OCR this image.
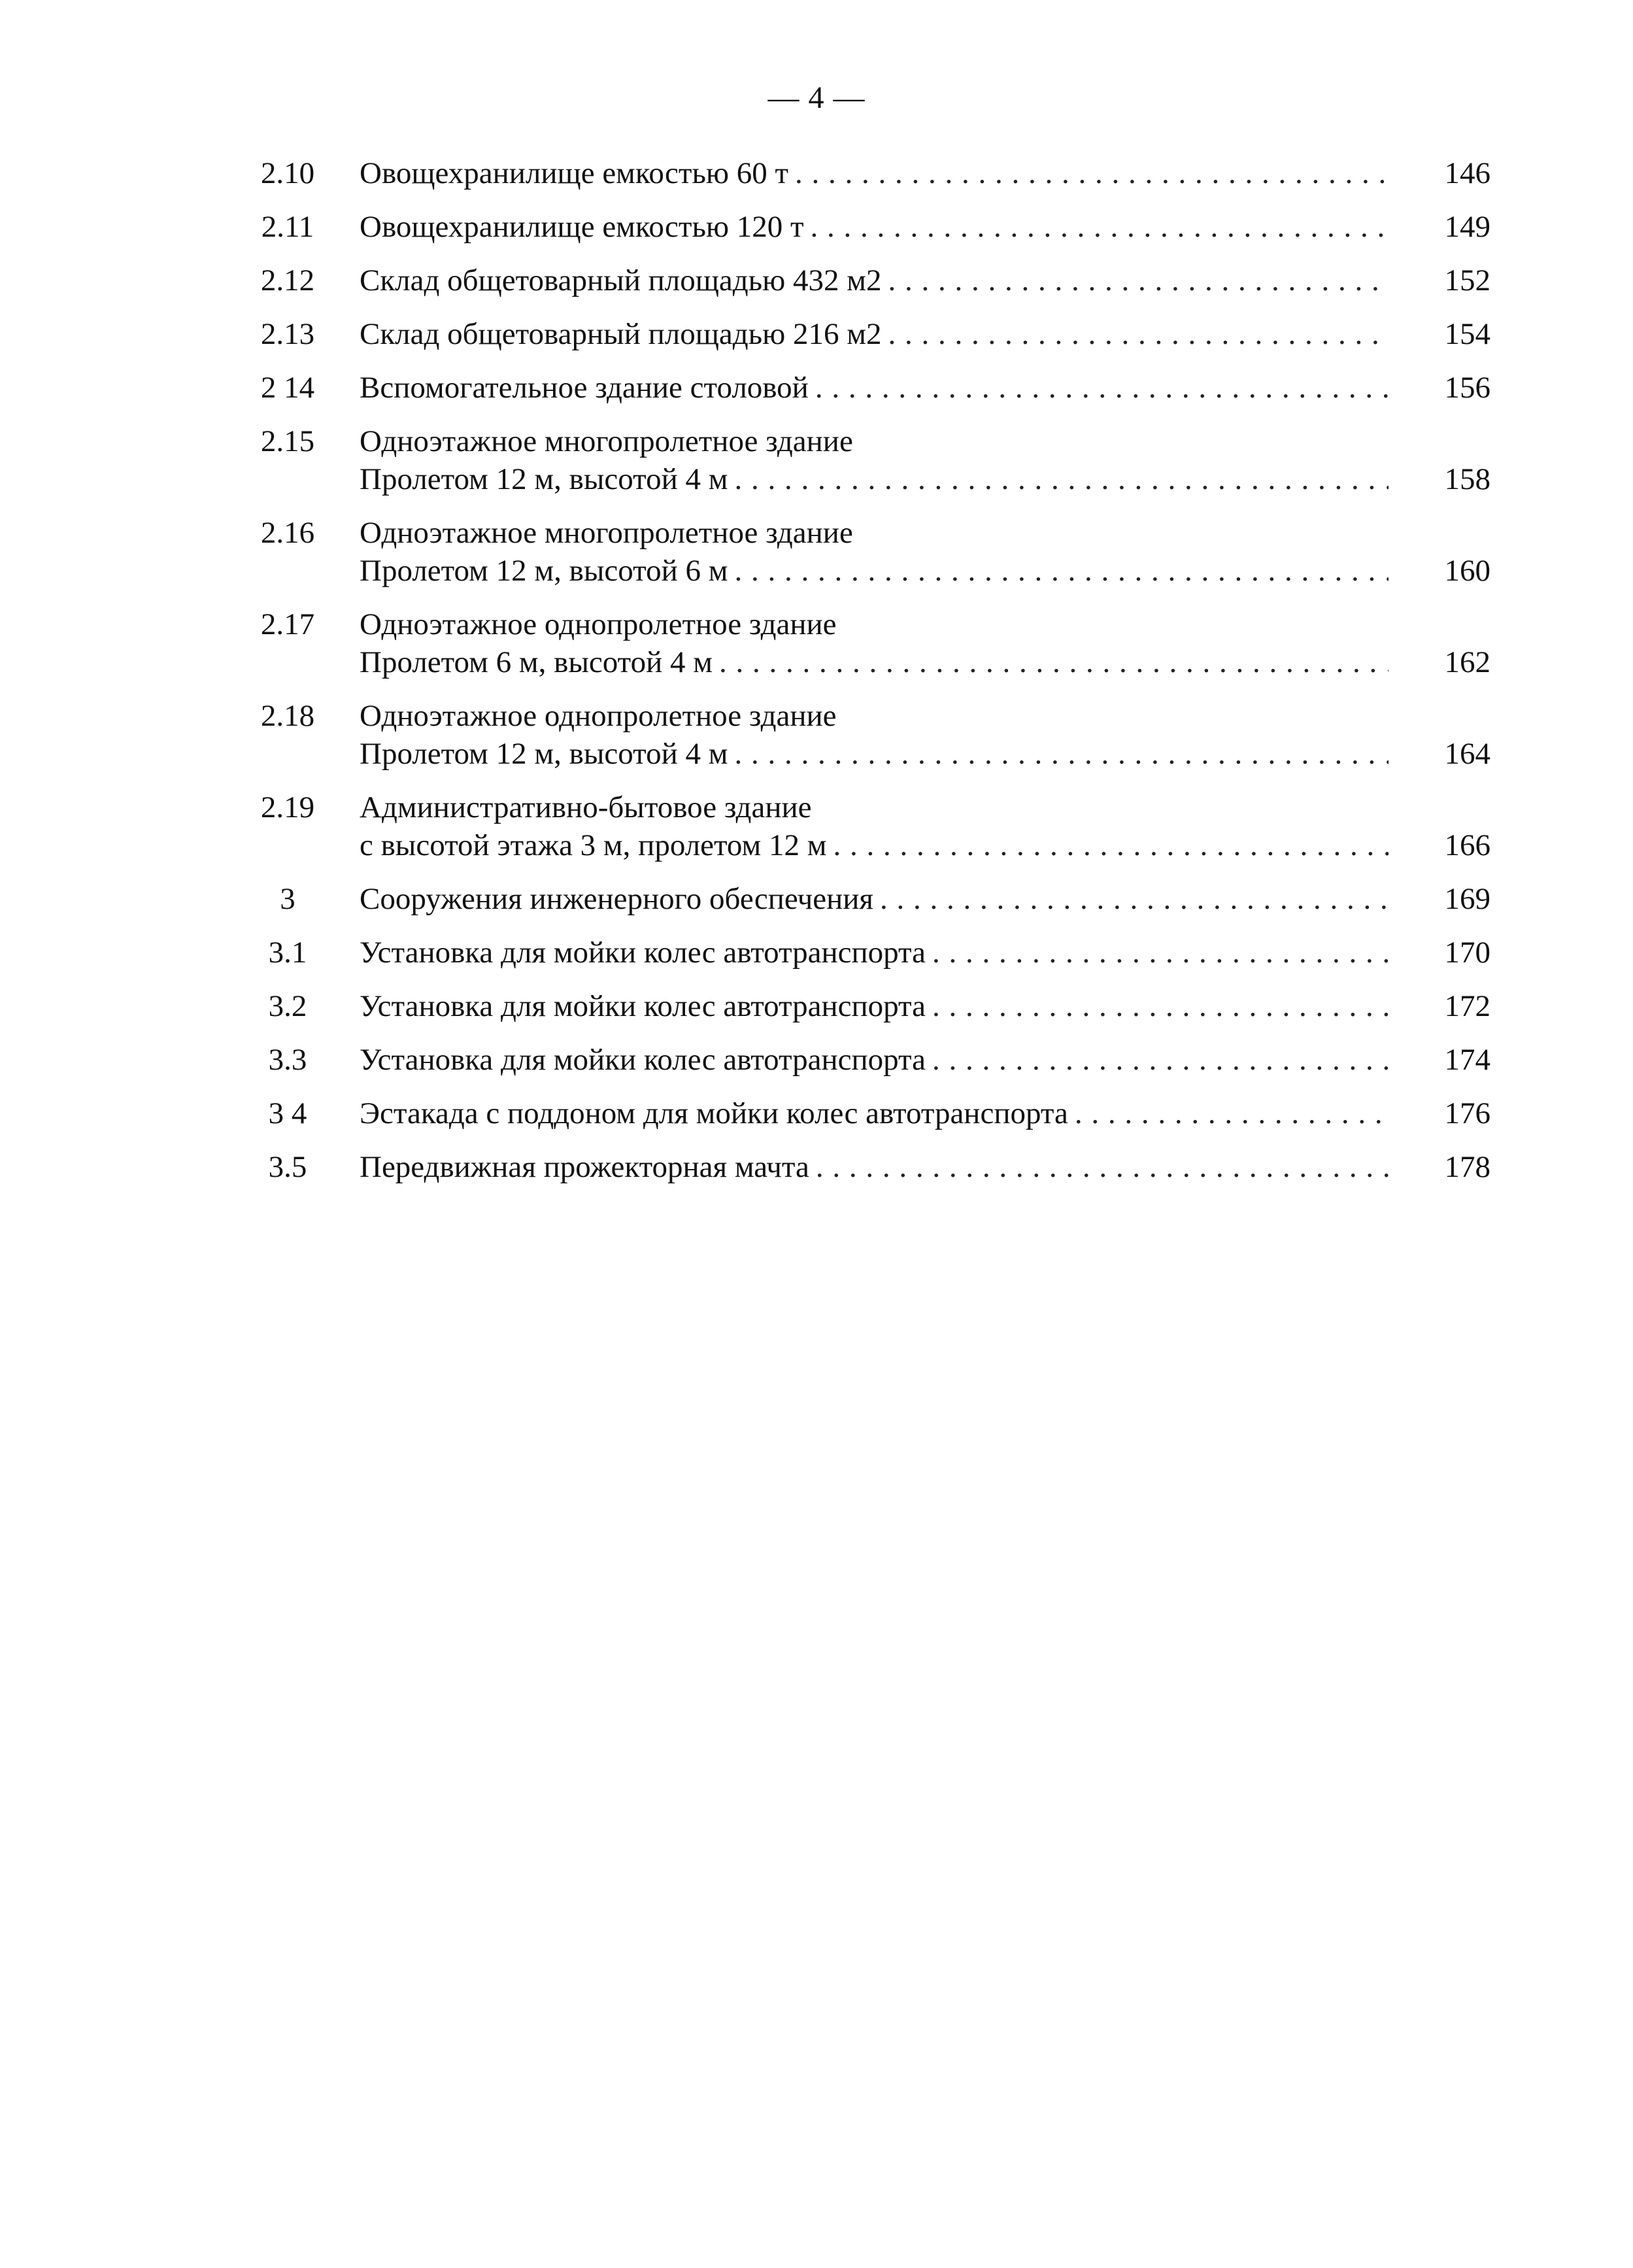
— 4 —
2.10	Овощехранилище емкостью 60 т . . .	146
2.11	Овощехранилище емкостью 120 т . . .	149
2.12	Склад общетоварный площадью 432 м2 . . .	152
2.13	Склад общетоварный площадью 216 м2 . . .	154
2 14	Вспомогательное здание столовой . . .	156
2.15	Одноэтажное многопролетное здание
Пролетом 12 м, высотой 4 м . . .	158
2.16	Одноэтажное многопролетное здание
Пролетом 12 м, высотой 6 м . . .	160
2.17	Одноэтажное однопролетное здание
Пролетом 6 м, высотой 4 м . . .	162
2.18	Одноэтажное однопролетное здание
Пролетом 12 м, высотой 4 м . . .	164
2.19	Административно-бытовое здание
с высотой этажа 3 м, пролетом 12 м . . .	166
3	Сооружения инженерного обеспечения . . .	169
3.1	Установка для мойки колес автотранспорта . . .	170
3.2	Установка для мойки колес автотранспорта . . .	172
3.3	Установка для мойки колес автотранспорта . . .	174
3 4	Эстакада с поддоном для мойки колес автотранспорта . . .	176
3.5	Передвижная прожекторная мачта . . .	178
